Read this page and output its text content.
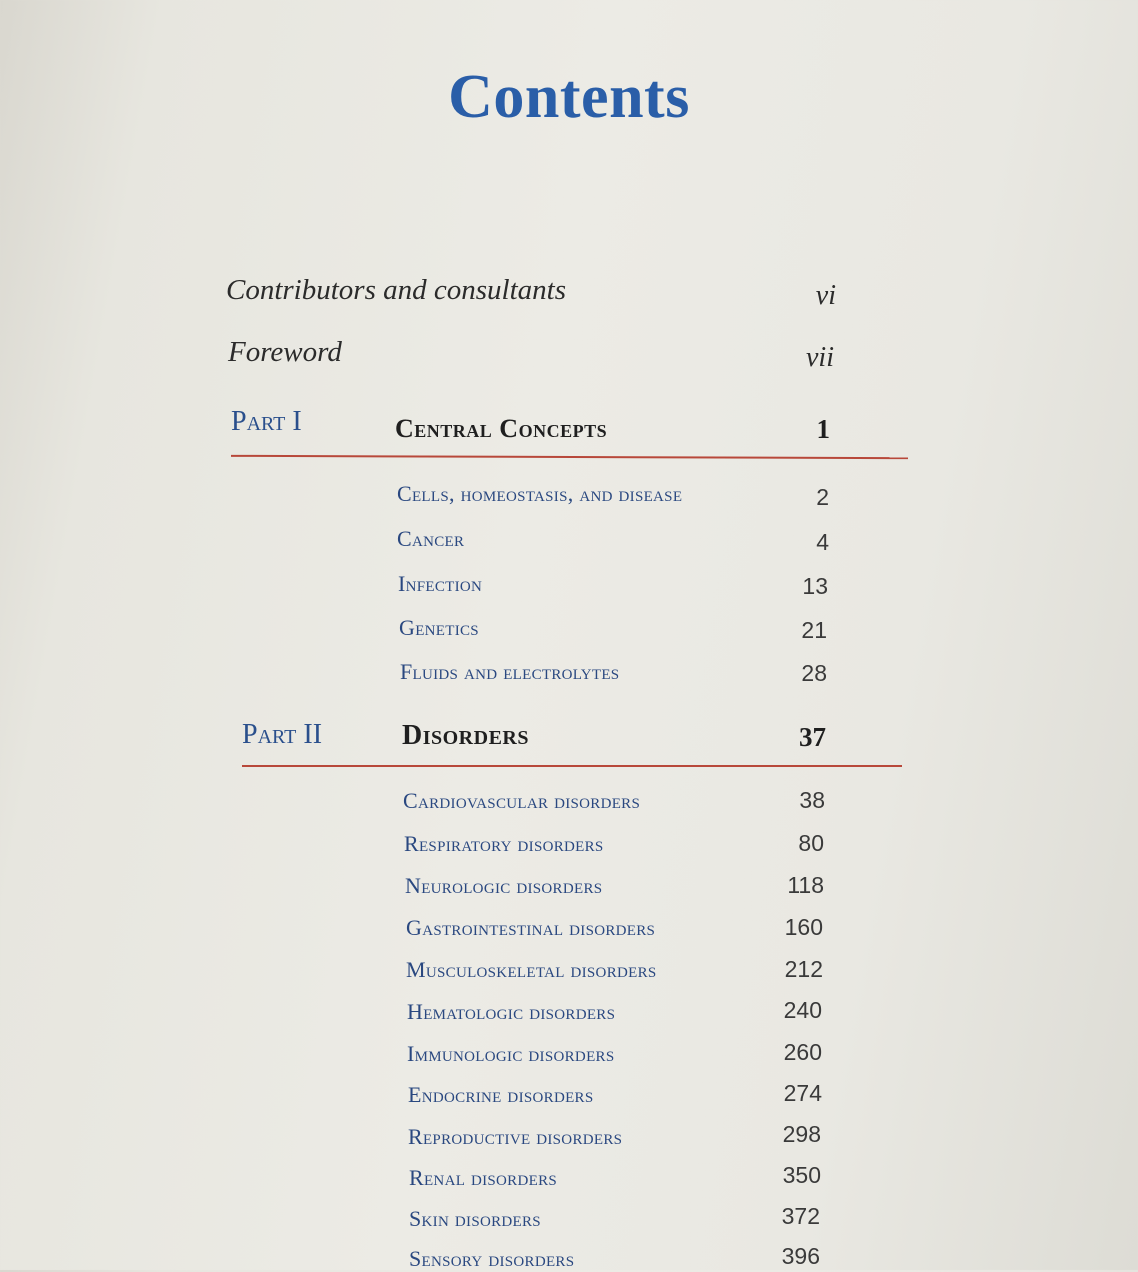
Contents
Contributors and consultants	vi
Foreword	vii
Part I	Central Concepts	1
Cells, homeostasis, and disease	2
Cancer	4
Infection	13
Genetics	21
Fluids and electrolytes	28
Part II	Disorders	37
Cardiovascular disorders	38
Respiratory disorders	80
Neurologic disorders	118
Gastrointestinal disorders	160
Musculoskeletal disorders	212
Hematologic disorders	240
Immunologic disorders	260
Endocrine disorders	274
Reproductive disorders	298
Renal disorders	350
Skin disorders	372
Sensory disorders	396
